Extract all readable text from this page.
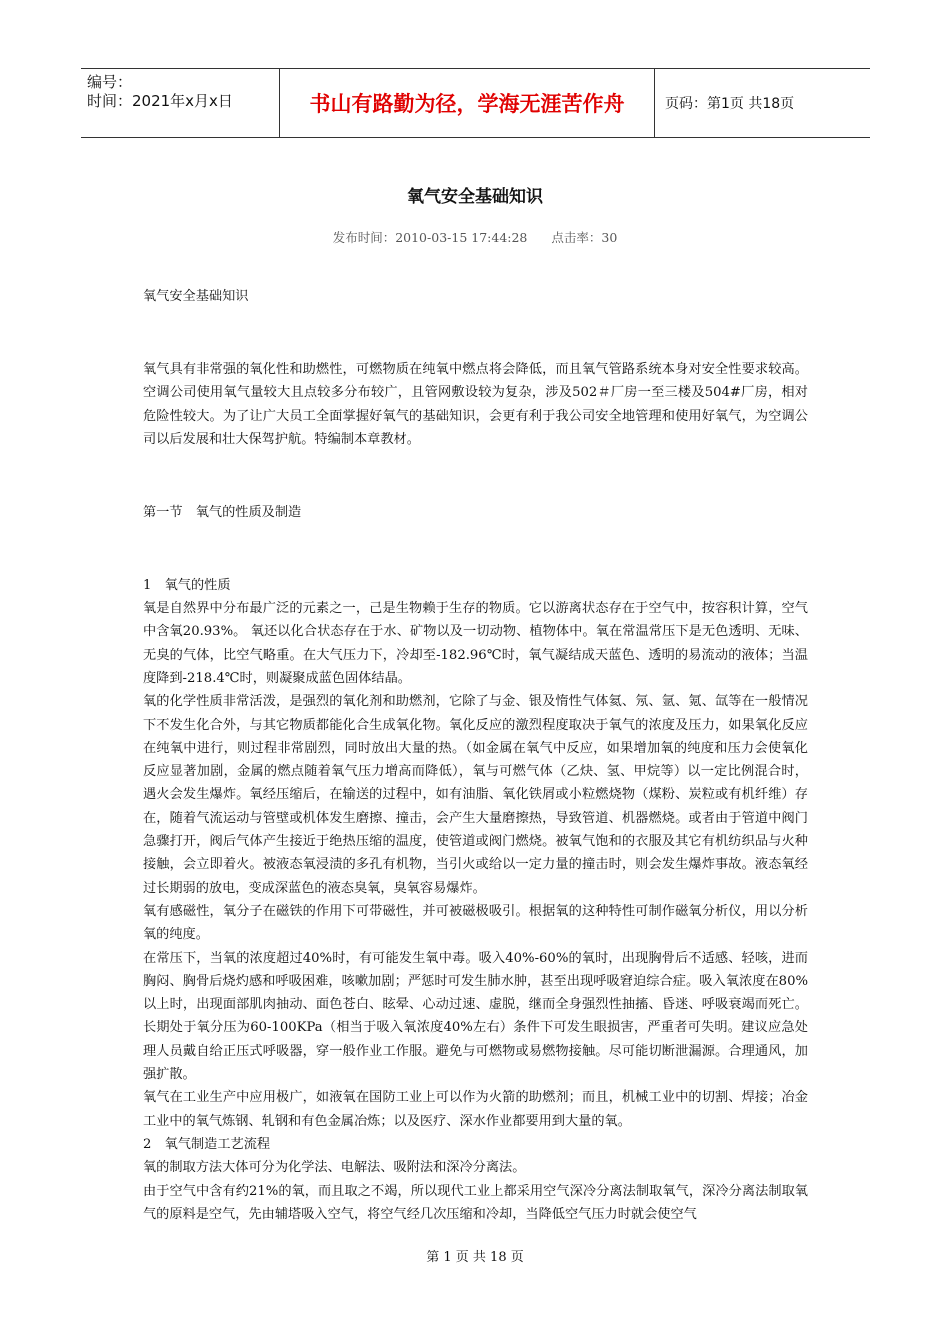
编号：
时间：2021年x月x日	书山有路勤为径，学海无涯苦作舟	页码：第1页 共18页
氧气安全基础知识
发布时间：2010-03-15 17:44:28 点击率：30

氧气安全基础知识

氧气具有非常强的氧化性和助燃性，可燃物质在纯氧中燃点将会降低，而且氧气管路系统本身对安全性要求较高。空调公司使用氧气量较大且点较多分布较广，且管网敷设较为复杂，涉及502＃厂房一至三楼及504#厂房，相对危险性较大。为了让广大员工全面掌握好氧气的基础知识，会更有利于我公司安全地管理和使用好氧气，为空调公司以后发展和壮大保驾护航。特编制本章教材。

第一节　氧气的性质及制造

1　氧气的性质

氧是自然界中分布最广泛的元素之一，己是生物赖于生存的物质。它以游离状态存在于空气中，按容积计算，空气中含氧20.93%。 氧还以化合状态存在于水、矿物以及一切动物、植物体中。氧在常温常压下是无色透明、无味、无臭的气体，比空气略重。在大气压力下，冷却至-182.96℃时，氧气凝结成天蓝色、透明的易流动的液体；当温度降到-218.4℃时，则凝聚成蓝色固体结晶。

氧的化学性质非常活泼，是强烈的氧化剂和助燃剂，它除了与金、银及惰性气体氦、氖、氩、氪、氙等在一般情况下不发生化合外，与其它物质都能化合生成氧化物。氧化反应的激烈程度取决于氧气的浓度及压力，如果氧化反应在纯氧中进行，则过程非常剧烈，同时放出大量的热。（如金属在氧气中反应，如果增加氧的纯度和压力会使氧化反应显著加剧，金属的燃点随着氧气压力增高而降低），氧与可燃气体（乙炔、氢、甲烷等）以一定比例混合时，遇火会发生爆炸。氧经压缩后，在输送的过程中，如有油脂、氧化铁屑或小粒燃烧物（煤粉、炭粒或有机纤维）存在，随着气流运动与管壁或机体发生磨擦、撞击，会产生大量磨擦热，导致管道、机器燃烧。或者由于管道中阀门急骤打开，阀后气体产生接近于绝热压缩的温度，使管道或阀门燃烧。被氧气饱和的衣服及其它有机纺织品与火种接触，会立即着火。被液态氧浸渍的多孔有机物，当引火或给以一定力量的撞击时，则会发生爆炸事故。液态氧经过长期弱的放电，变成深蓝色的液态臭氧，臭氧容易爆炸。

氧有感磁性，氧分子在磁铁的作用下可带磁性，并可被磁极吸引。根据氧的这种特性可制作磁氧分析仪，用以分析氧的纯度。

在常压下，当氧的浓度超过40%时，有可能发生氧中毒。吸入40%-60%的氧时，出现胸骨后不适感、轻咳，进而胸闷、胸骨后烧灼感和呼吸困难，咳嗽加剧；严惩时可发生肺水肿，甚至出现呼吸窘迫综合症。吸入氧浓度在80%以上时，出现面部肌肉抽动、面色苍白、眩晕、心动过速、虚脱，继而全身强烈性抽搐、昏迷、呼吸衰竭而死亡。长期处于氧分压为60-100KPa（相当于吸入氧浓度40%左右）条件下可发生眼损害，严重者可失明。建议应急处理人员戴自给正压式呼吸器，穿一般作业工作服。避免与可燃物或易燃物接触。尽可能切断泄漏源。合理通风，加强扩散。

氧气在工业生产中应用极广，如液氧在国防工业上可以作为火箭的助燃剂；而且，机械工业中的切割、焊接；冶金工业中的氧气炼钢、轧钢和有色金属冶炼；以及医疗、深水作业都要用到大量的氧。

2　氧气制造工艺流程

氧的制取方法大体可分为化学法、电解法、吸附法和深冷分离法。

由于空气中含有约21%的氧，而且取之不竭，所以现代工业上都采用空气深冷分离法制取氧气，深冷分离法制取氧气的原料是空气，先由辅塔吸入空气，将空气经几次压缩和冷却，当降低空气压力时就会使空气

第 1 页 共 18 页
